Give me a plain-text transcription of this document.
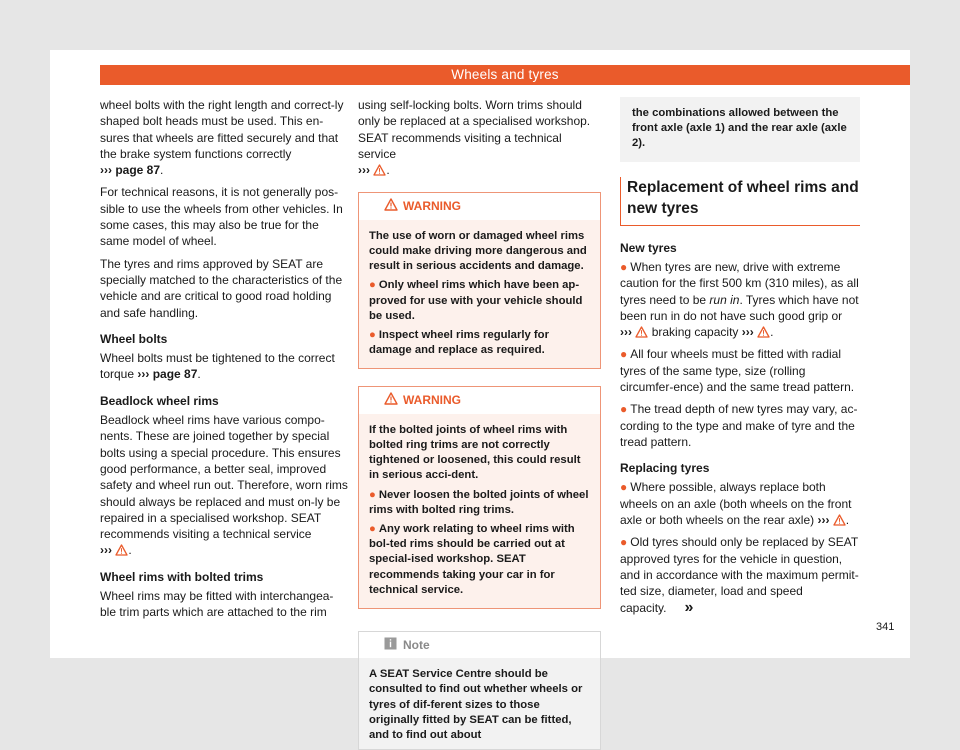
Wheels and tyres

wheel bolts with the right length and correct-ly shaped bolt heads must be used. This en-sures that wheels are fitted securely and that the brake system functions correctly ››› page 87.

For technical reasons, it is not generally pos-sible to use the wheels from other vehicles. In some cases, this may also be true for the same model of wheel.

The tyres and rims approved by SEAT are specially matched to the characteristics of the vehicle and are critical to good road holding and safe handling.

Wheel bolts

Wheel bolts must be tightened to the correct torque ››› page 87.

Beadlock wheel rims

Beadlock wheel rims have various compo-nents. These are joined together by special bolts using a special procedure. This ensures good performance, a better seal, improved safety and wheel run out. Therefore, worn rims should always be replaced and must on-ly be repaired in a specialised workshop. SEAT recommends visiting a technical service
››› .

Wheel rims with bolted trims

Wheel rims may be fitted with interchangea-ble trim parts which are attached to the rim

using self-locking bolts. Worn trims should only be replaced at a specialised workshop. SEAT recommends visiting a technical service
››› .

WARNING

The use of worn or damaged wheel rims could make driving more dangerous and result in serious accidents and damage.

● Only wheel rims which have been ap-proved for use with your vehicle should be used.

● Inspect wheel rims regularly for damage and replace as required.

WARNING

If the bolted joints of wheel rims with bolted ring trims are not correctly tightened or loosened, this could result in serious acci-dent.

● Never loosen the bolted joints of wheel rims with bolted ring trims.

● Any work relating to wheel rims with bol-ted rims should be carried out at special-ised workshop. SEAT recommends taking your car in for technical service.

Note
A SEAT Service Centre should be consulted to find out whether wheels or tyres of dif-ferent sizes to those originally fitted by SEAT can be fitted, and to find out about
the combinations allowed between the front axle (axle 1) and the rear axle (axle 2).
Replacement of wheel rims and
new tyres
New tyres

● When tyres are new, drive with extreme caution for the first 500 km (310 miles), as all tyres need to be run in. Tyres which have not been run in do not have such good grip or
››› braking capacity ››› .

● All four wheels must be fitted with radial tyres of the same type, size (rolling circumfer-ence) and the same tread pattern.

● The tread depth of new tyres may vary, ac-cording to the type and make of tyre and the tread pattern.

Replacing tyres

● Where possible, always replace both wheels on an axle (both wheels on the front axle or both wheels on the rear axle) ››› .

● Old tyres should only be replaced by SEAT approved tyres for the vehicle in question, and in accordance with the maximum permit-ted size, diameter, load and speed capacity. »

341
